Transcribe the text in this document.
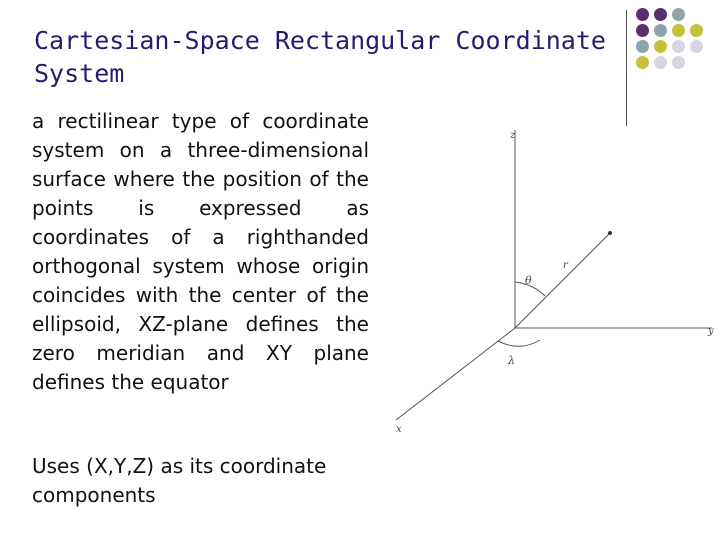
Cartesian-Space Rectangular Coordinate System

a rectilinear type of coordinate system on a three-dimensional surface where the position of the points is expressed as coordinates of a righthanded orthogonal system whose origin coincides with the center of the ellipsoid, XZ-plane defines the zero meridian and XY plane defines the equator

Uses (X,Y,Z) as its coordinate components

z
y
x
r
θ
λ
